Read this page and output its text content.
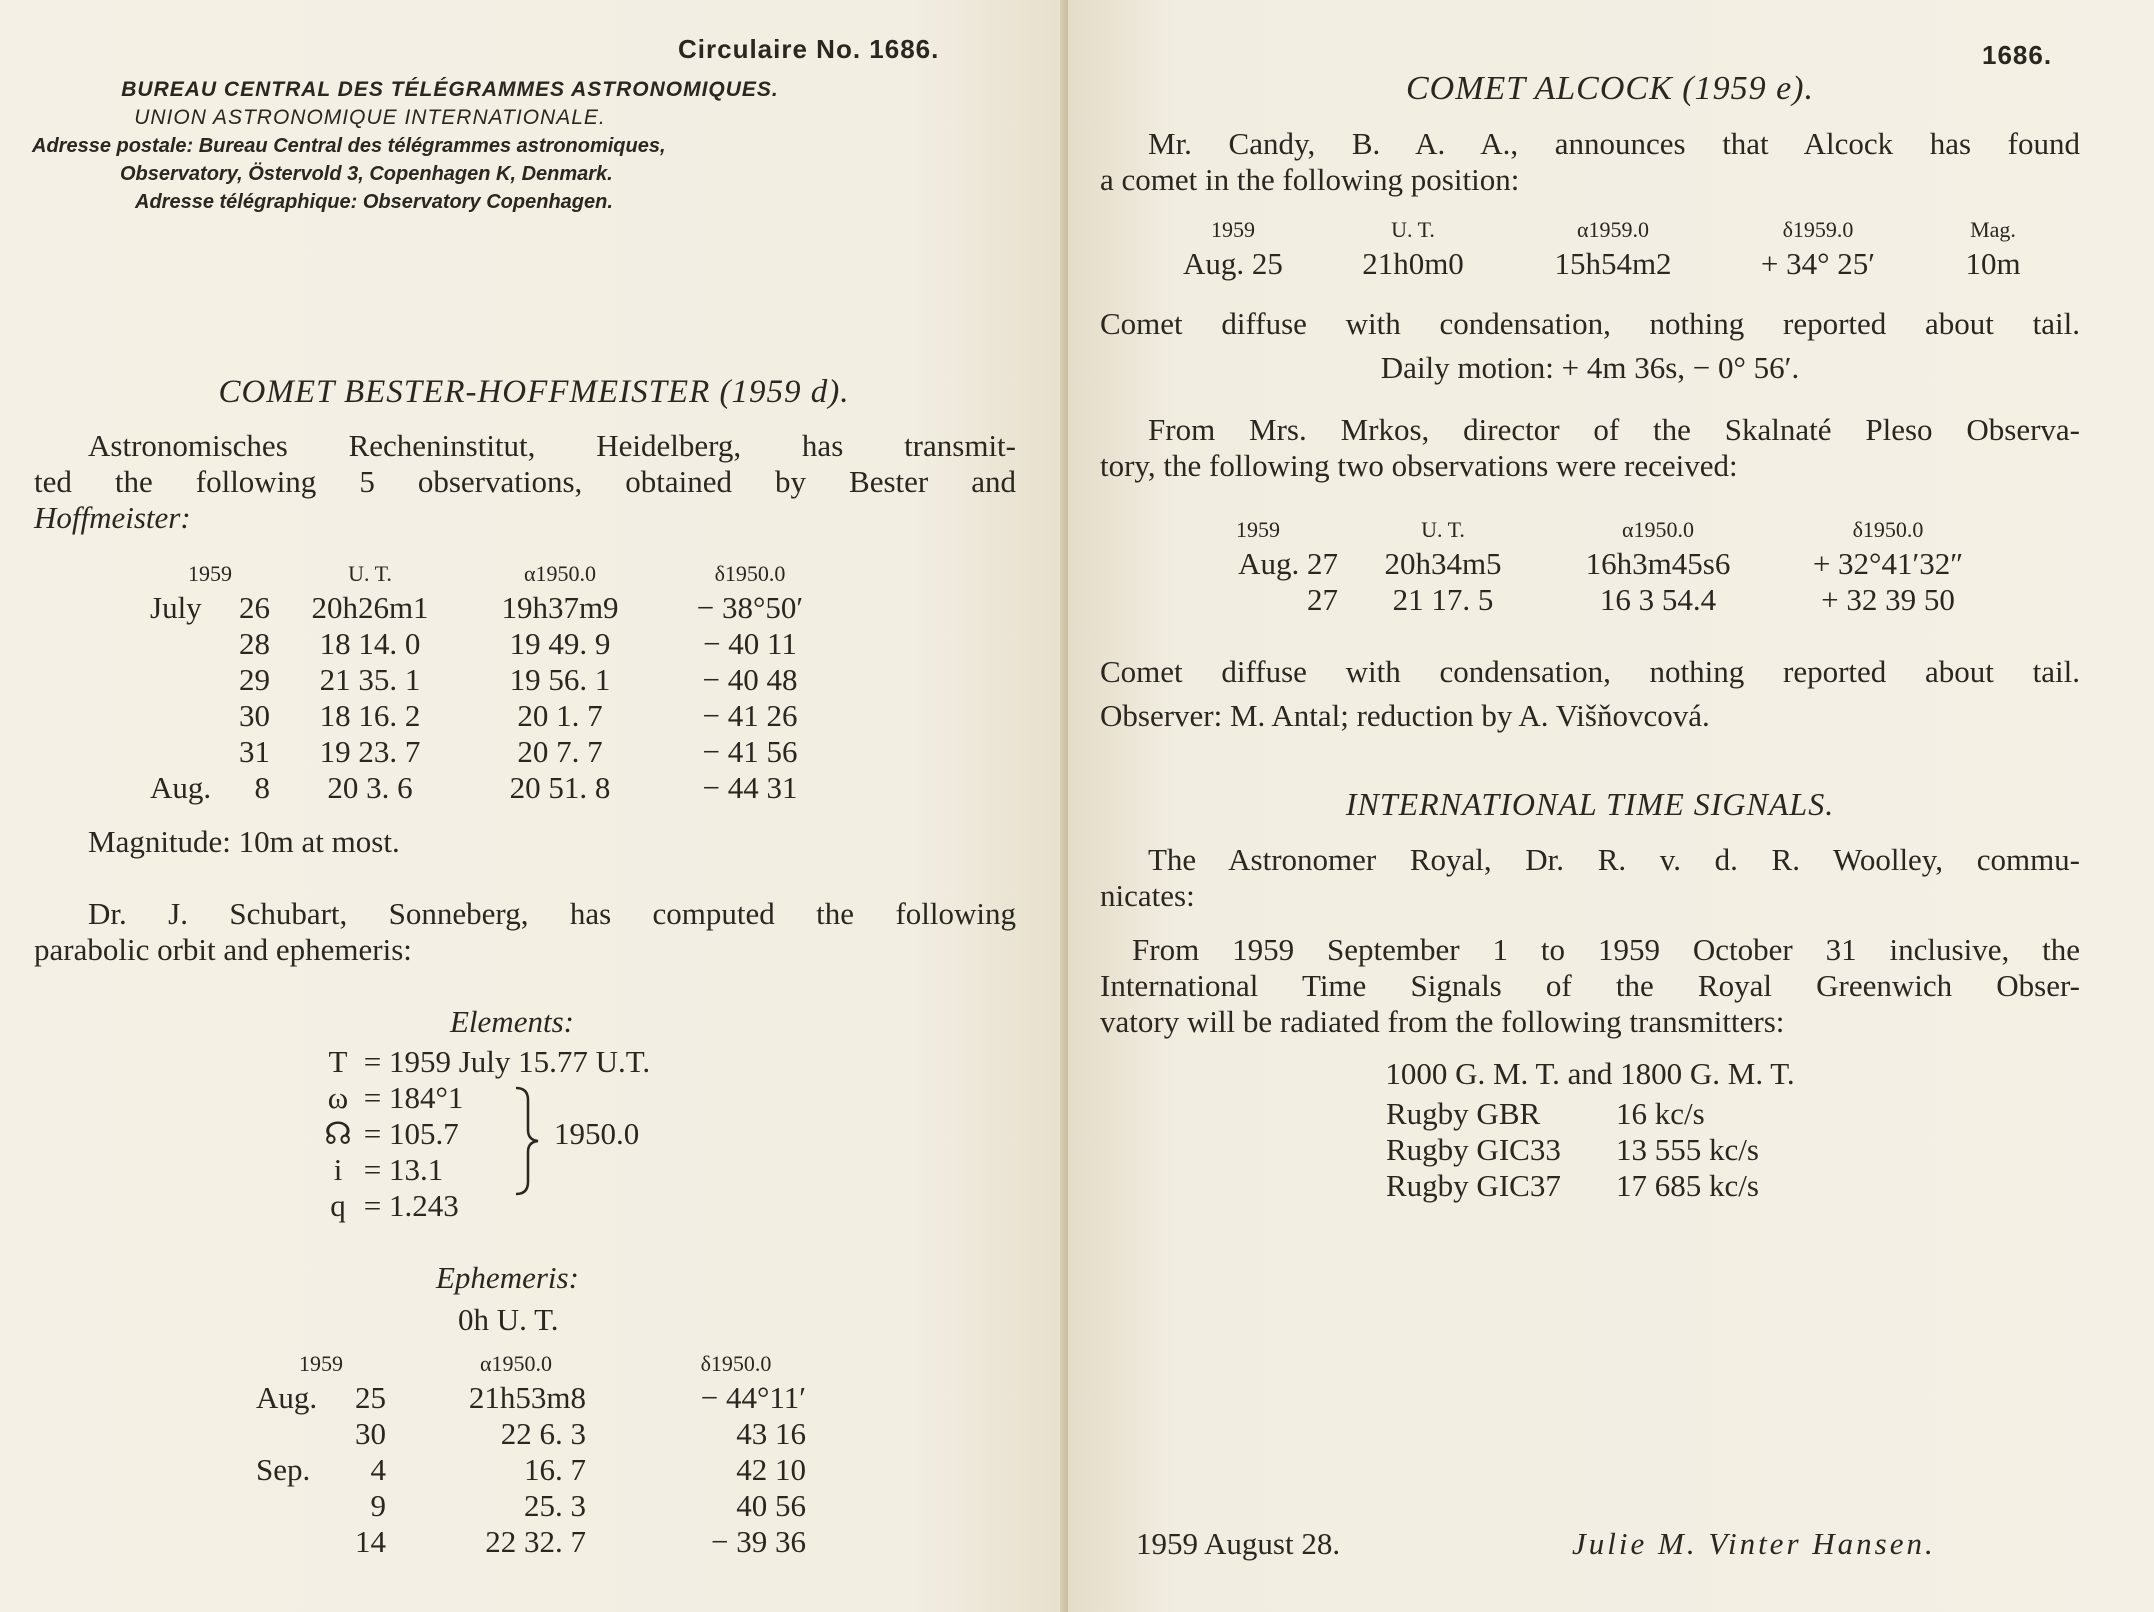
Circulaire No. 1686.
BUREAU CENTRAL DES TÉLÉGRAMMES ASTRONOMIQUES.
UNION ASTRONOMIQUE INTERNATIONALE.
Adresse postale: Bureau Central des télégrammes astronomiques,
Observatory, Östervold 3, Copenhagen K, Denmark.
Adresse télégraphique: Observatory Copenhagen.
COMET BESTER-HOFFMEISTER (1959 d).
Astronomisches Recheninstitut, Heidelberg, has transmit-
ted the following 5 observations, obtained by Bester and
Hoffmeister:
1959		U. T.	α1950.0	δ1950.0
July	26	20h26m1	19h37m9	− 38°50′
	28	18 14. 0	19 49. 9	− 40 11
	29	21 35. 1	19 56. 1	− 40 48
	30	18 16. 2	20 1. 7	− 41 26
	31	19 23. 7	20 7. 7	− 41 56
Aug.	8	20 3. 6	20 51. 8	− 44 31
Magnitude: 10m at most.
Dr. J. Schubart, Sonneberg, has computed the following
parabolic orbit and ephemeris:
Elements:
T = 1959 July 15.77 U.T.
ω = 184°1
☊ = 105.7
i = 13.1
q = 1.243
1950.0
Ephemeris:
0h U. T.
1959		α1950.0	δ1950.0
Aug.	25	21h53m8	− 44°11′
	30	22 6. 3	43 16
Sep.	4	16. 7	42 10
	9	25. 3	40 56
	14	22 32. 7	− 39 36
1686.
COMET ALCOCK (1959 e).
Mr. Candy, B. A. A., announces that Alcock has found
a comet in the following position:
1959	U. T.	α1959.0	δ1959.0	Mag.
Aug. 25	21h0m0	15h54m2	+ 34° 25′	10m
Comet diffuse with condensation, nothing reported about tail.
Daily motion: + 4m 36s, − 0° 56′.
From Mrs. Mrkos, director of the Skalnaté Pleso Observa-
tory, the following two observations were received:
1959	U. T.	α1950.0	δ1950.0
Aug. 27	20h34m5	16h3m45s6	+ 32°41′32″
27	21 17. 5	16 3 54.4	+ 32 39 50
Comet diffuse with condensation, nothing reported about tail.
Observer: M. Antal; reduction by A. Višňovcová.
INTERNATIONAL TIME SIGNALS.
The Astronomer Royal, Dr. R. v. d. R. Woolley, commu-
nicates:
From 1959 September 1 to 1959 October 31 inclusive, the
International Time Signals of the Royal Greenwich Obser-
vatory will be radiated from the following transmitters:
1000 G. M. T. and 1800 G. M. T.
Rugby GBR	16 kc/s
Rugby GIC33	13 555 kc/s
Rugby GIC37	17 685 kc/s
1959 August 28.	Julie M. Vinter Hansen.
